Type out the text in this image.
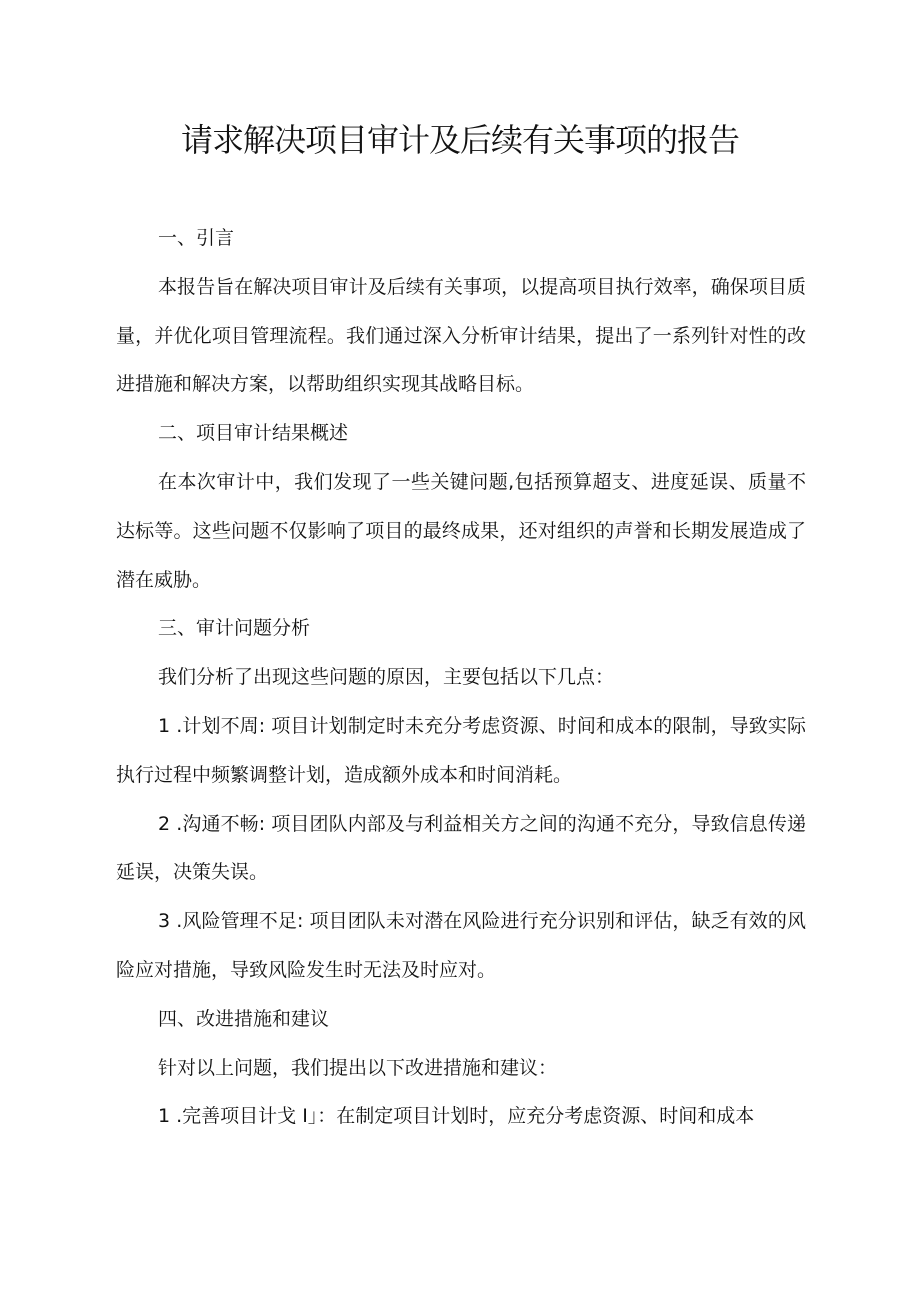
请求解决项目审计及后续有关事项的报告
一、引言
本报告旨在解决项目审计及后续有关事项，以提高项目执行效率，确保项目质量，并优化项目管理流程。我们通过深入分析审计结果，提出了一系列针对性的改进措施和解决方案，以帮助组织实现其战略目标。
二、项目审计结果概述
在本次审计中，我们发现了一些关键问题,包括预算超支、进度延误、质量不达标等。这些问题不仅影响了项目的最终成果，还对组织的声誉和长期发展造成了潜在威胁。
三、审计问题分析
我们分析了出现这些问题的原因，主要包括以下几点：
1 .计划不周: 项目计划制定时未充分考虑资源、时间和成本的限制，导致实际执行过程中频繁调整计划，造成额外成本和时间消耗。
2 .沟通不畅: 项目团队内部及与利益相关方之间的沟通不充分，导致信息传递延误，决策失误。
3 .风险管理不足: 项目团队未对潜在风险进行充分识别和评估，缺乏有效的风险应对措施，导致风险发生时无法及时应对。
四、改进措施和建议
针对以上问题，我们提出以下改进措施和建议：
1 .完善项目计戈 I」：在制定项目计划时，应充分考虑资源、时间和成本
